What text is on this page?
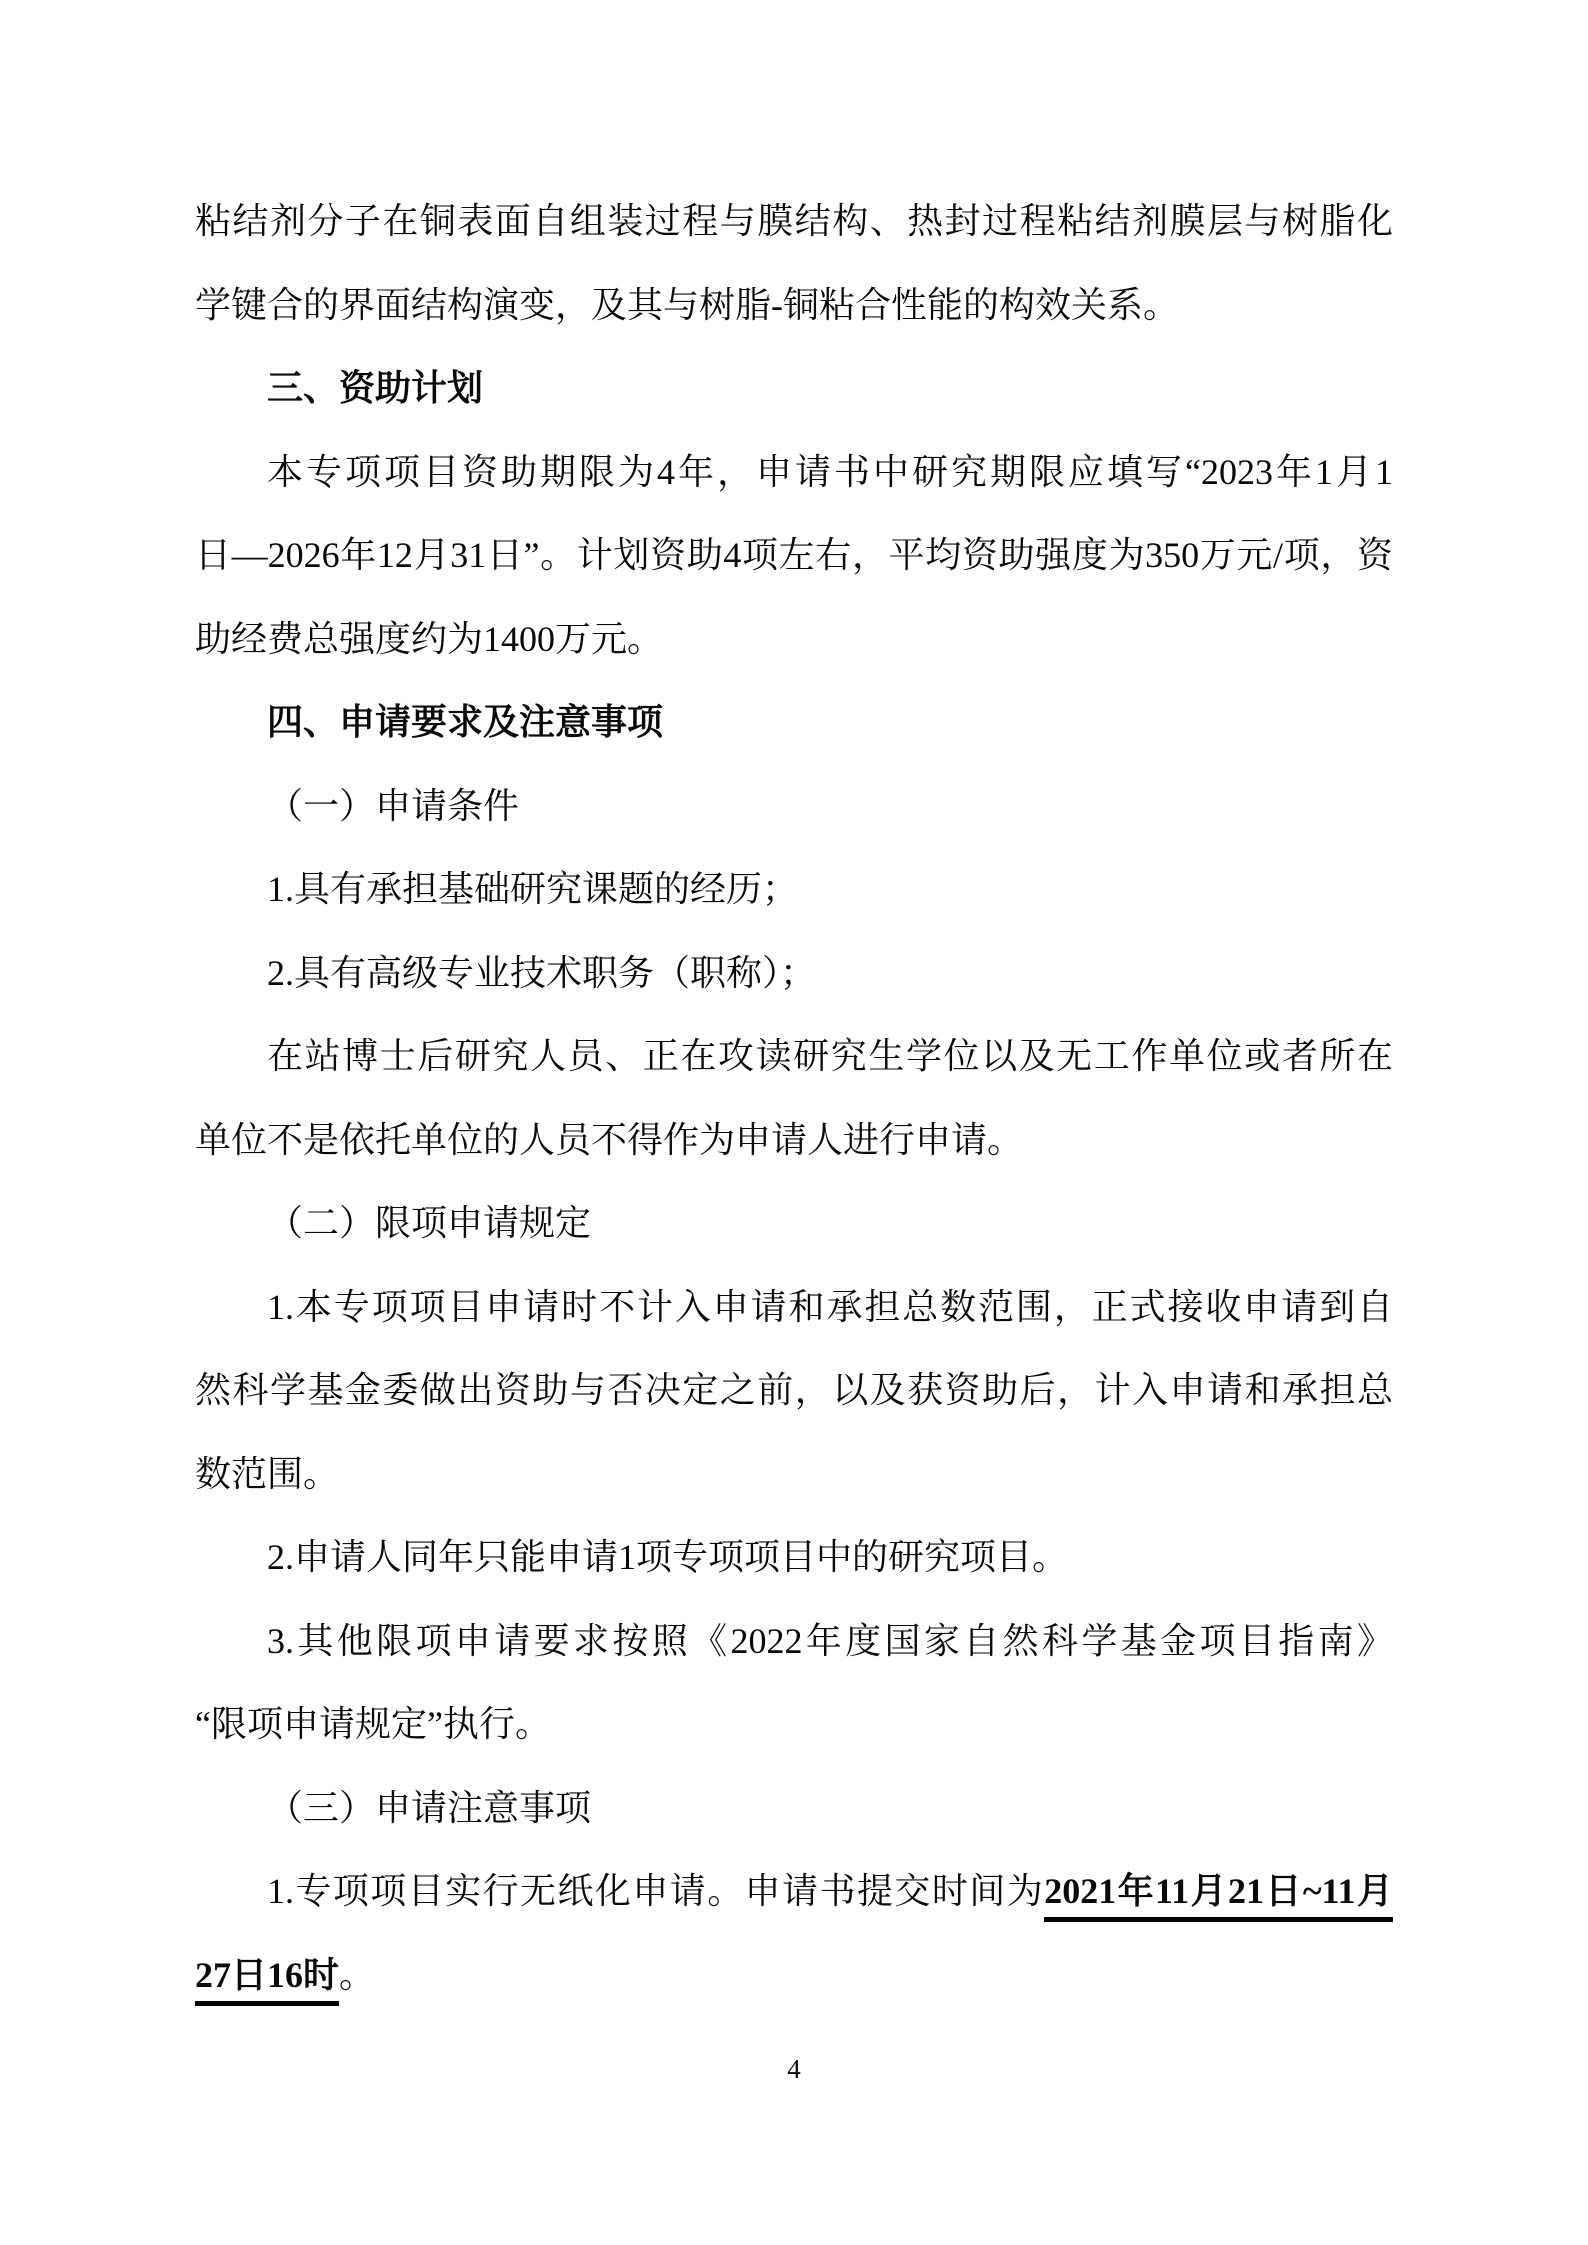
粘结剂分子在铜表面自组装过程与膜结构、热封过程粘结剂膜层与树脂化
学键合的界面结构演变，及其与树脂-铜粘合性能的构效关系。
三、资助计划
本专项项目资助期限为4年，申请书中研究期限应填写“2023年1月1
日—2026年12月31日”。计划资助4项左右，平均资助强度为350万元/项，资
助经费总强度约为1400万元。
四、申请要求及注意事项
（一）申请条件
1.具有承担基础研究课题的经历；
2.具有高级专业技术职务（职称）；
在站博士后研究人员、正在攻读研究生学位以及无工作单位或者所在
单位不是依托单位的人员不得作为申请人进行申请。
（二）限项申请规定
1.本专项项目申请时不计入申请和承担总数范围，正式接收申请到自
然科学基金委做出资助与否决定之前，以及获资助后，计入申请和承担总
数范围。
2.申请人同年只能申请1项专项项目中的研究项目。
3.其他限项申请要求按照《2022年度国家自然科学基金项目指南》
“限项申请规定”执行。
（三）申请注意事项
1.专项项目实行无纸化申请。申请书提交时间为2021年11月21日~11月
27日16时。
4
